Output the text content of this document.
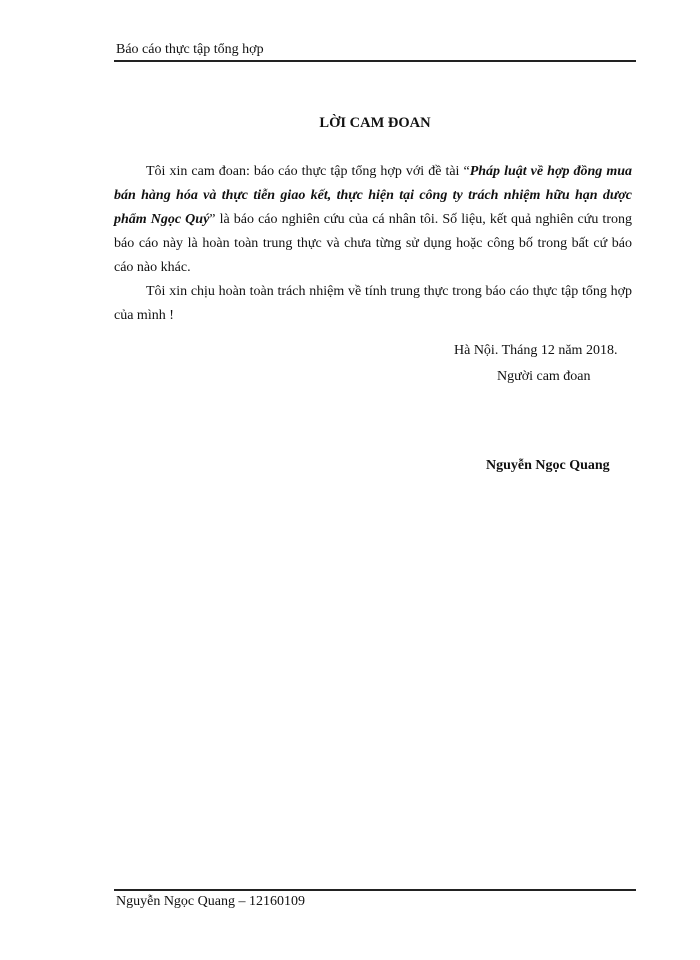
Báo cáo thực tập tổng hợp
LỜI CAM ĐOAN

Tôi xin cam đoan: báo cáo thực tập tổng hợp với đề tài “Pháp luật về hợp đồng mua bán hàng hóa và thực tiễn giao kết, thực hiện tại công ty trách nhiệm hữu hạn dược phẩm Ngọc Quý” là báo cáo nghiên cứu của cá nhân tôi. Số liệu, kết quả nghiên cứu trong báo cáo này là hoàn toàn trung thực và chưa từng sử dụng hoặc công bố trong bất cứ báo cáo nào khác.

Tôi xin chịu hoàn toàn trách nhiệm về tính trung thực trong báo cáo thực tập tổng hợp của mình !

Hà Nội. Tháng 12 năm 2018.
Người cam đoan
Nguyễn Ngọc Quang
Nguyễn Ngọc Quang – 12160109
